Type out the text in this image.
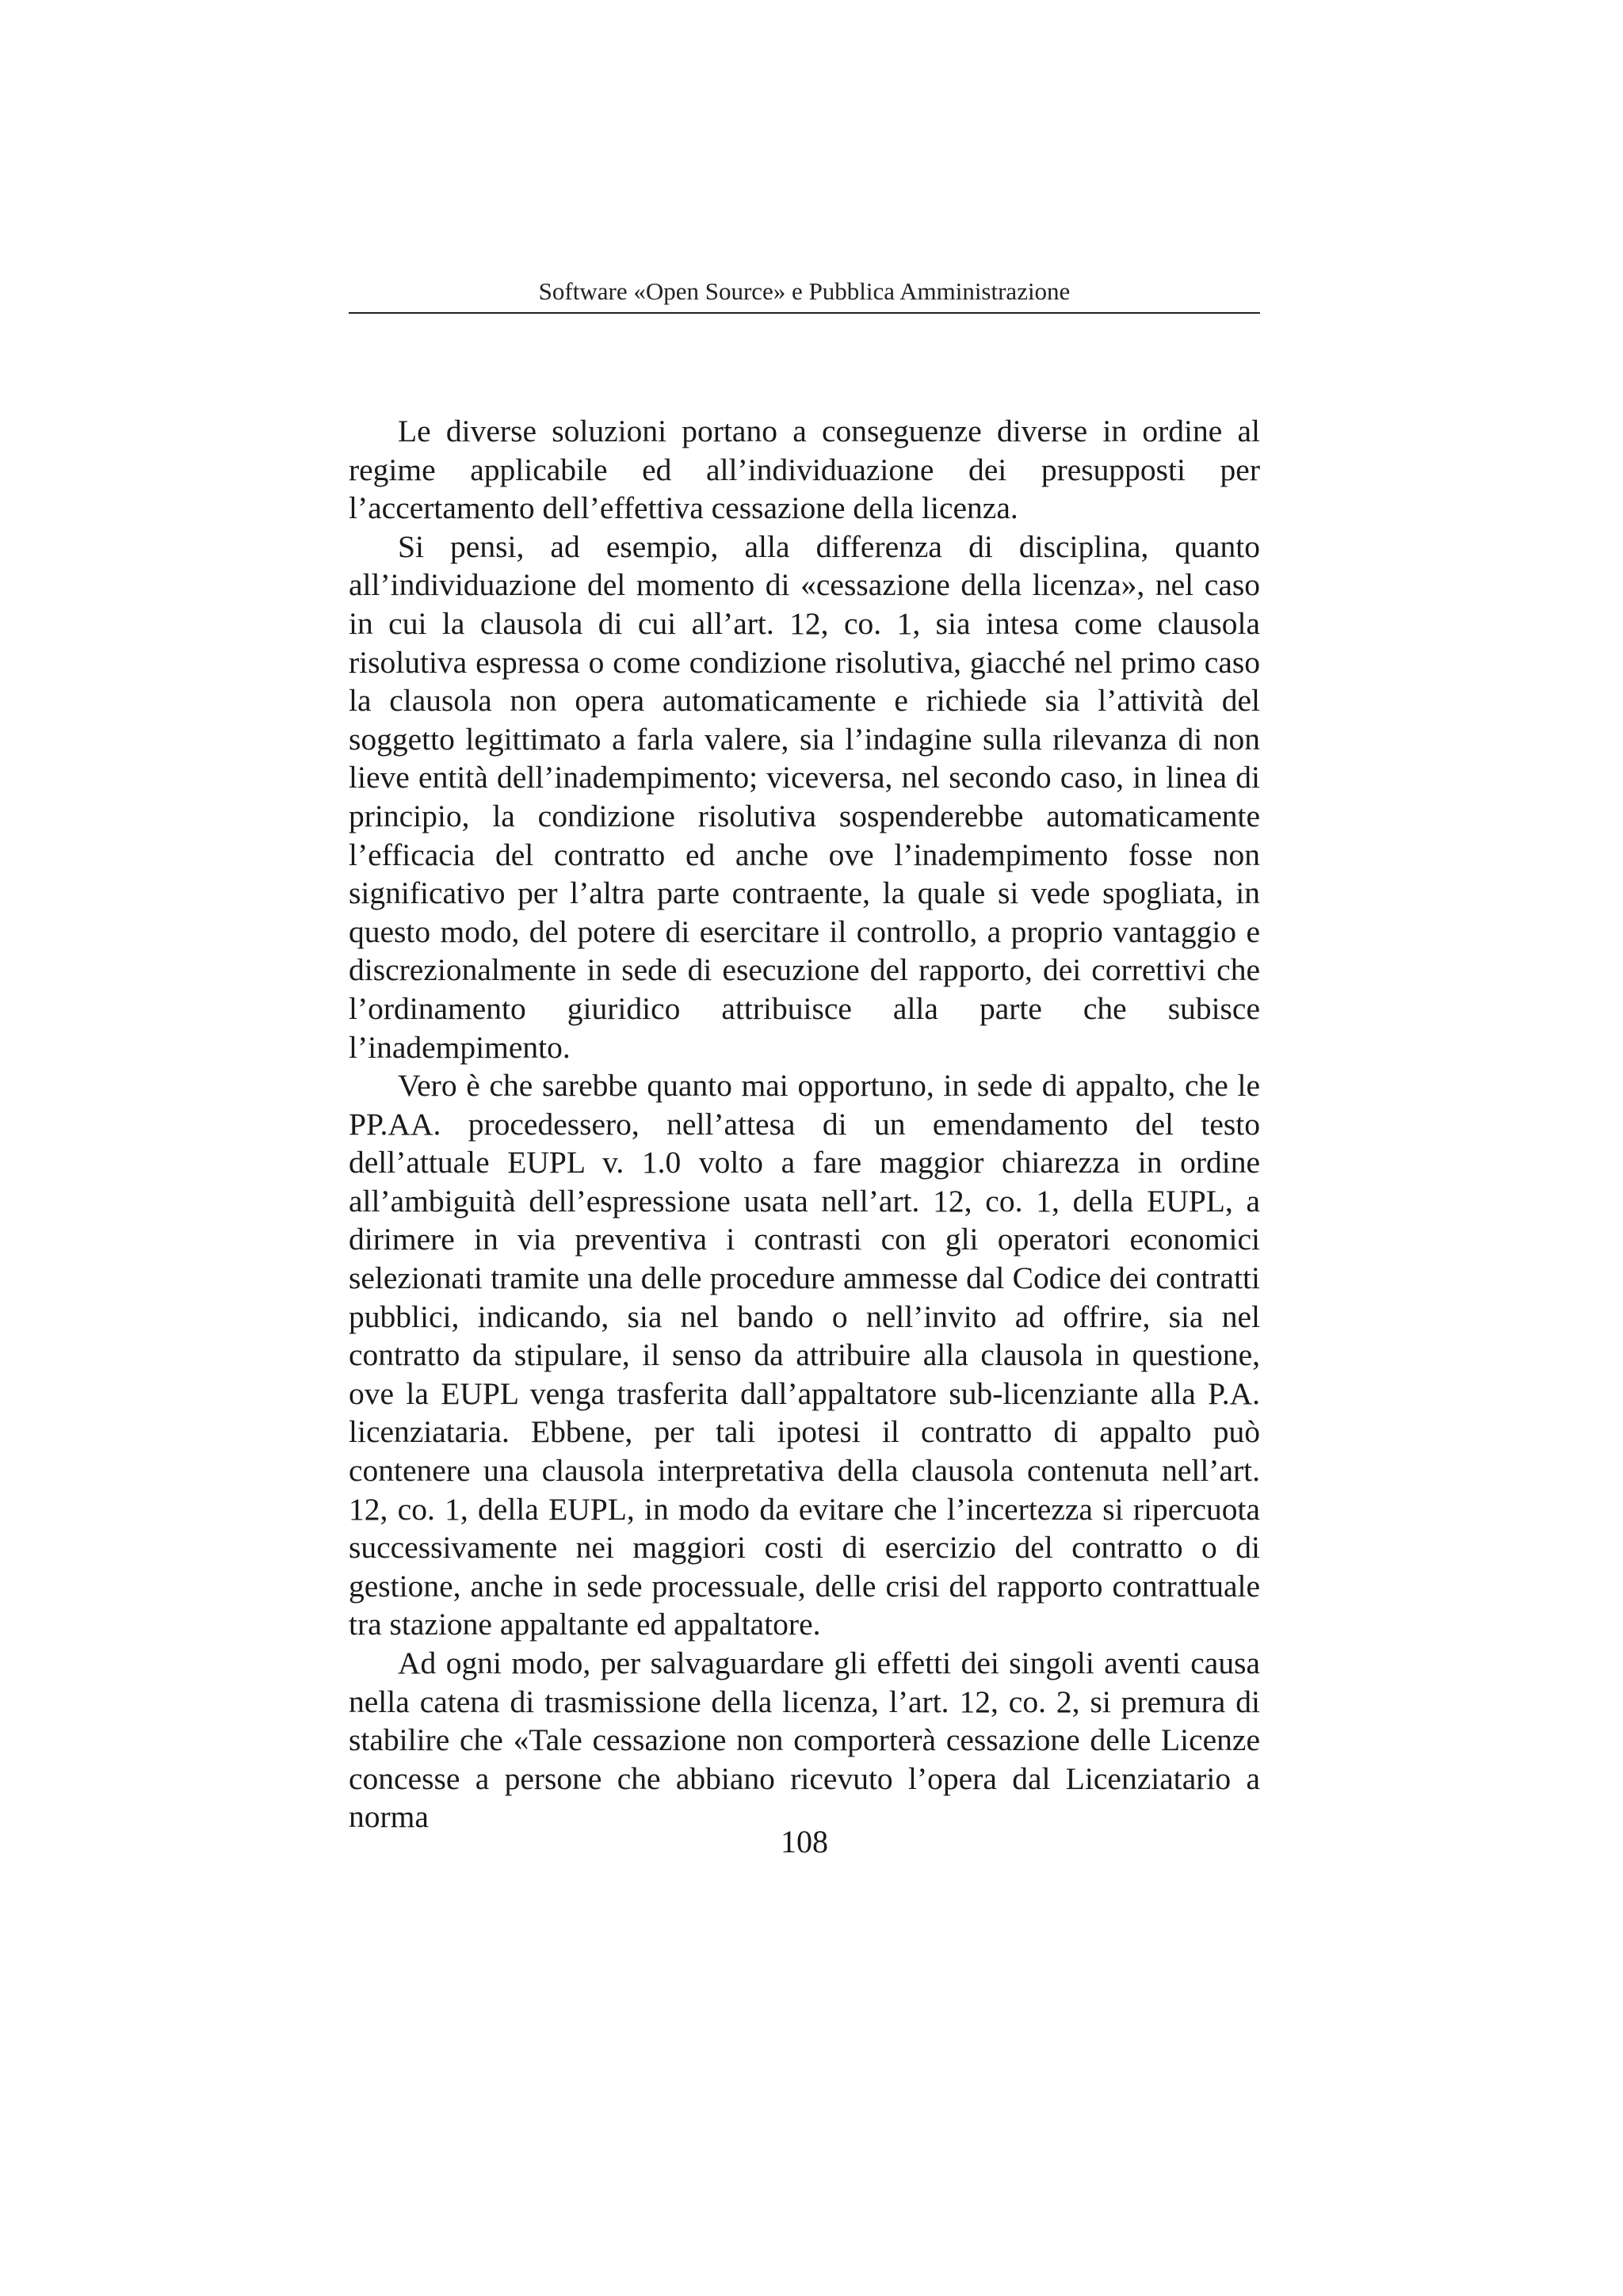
Software «Open Source» e Pubblica Amministrazione

Le diverse soluzioni portano a conseguenze diverse in ordine al regime applicabile ed all’individuazione dei presupposti per l’accertamento dell’effettiva cessazione della licenza.

Si pensi, ad esempio, alla differenza di disciplina, quanto all’individuazione del momento di «cessazione della licenza», nel caso in cui la clausola di cui all’art. 12, co. 1, sia intesa come clausola risolutiva espressa o come condizione risolutiva, giacché nel primo caso la clausola non opera automaticamente e richiede sia l’attività del soggetto legittimato a farla valere, sia l’indagine sulla rilevanza di non lieve entità dell’inadempimento; viceversa, nel secondo caso, in linea di principio, la condizione risolutiva sospenderebbe automaticamente l’efficacia del contratto ed anche ove l’inadempimento fosse non significativo per l’altra parte contraente, la quale si vede spogliata, in questo modo, del potere di esercitare il controllo, a proprio vantaggio e discrezionalmente in sede di esecuzione del rapporto, dei correttivi che l’ordinamento giuridico attribuisce alla parte che subisce l’inadempimento.

Vero è che sarebbe quanto mai opportuno, in sede di appalto, che le PP.AA. procedessero, nell’attesa di un emendamento del testo dell’attuale EUPL v. 1.0 volto a fare maggior chiarezza in ordine all’ambiguità dell’espressione usata nell’art. 12, co. 1, della EUPL, a dirimere in via preventiva i contrasti con gli operatori economici selezionati tramite una delle procedure ammesse dal Codice dei contratti pubblici, indicando, sia nel bando o nell’invito ad offrire, sia nel contratto da stipulare, il senso da attribuire alla clausola in questione, ove la EUPL venga trasferita dall’appaltatore sub-licenziante alla P.A. licenziataria. Ebbene, per tali ipotesi il contratto di appalto può contenere una clausola interpretativa della clausola contenuta nell’art. 12, co. 1, della EUPL, in modo da evitare che l’incertezza si ripercuota successivamente nei maggiori costi di esercizio del contratto o di gestione, anche in sede processuale, delle crisi del rapporto contrattuale tra stazione appaltante ed appaltatore.

Ad ogni modo, per salvaguardare gli effetti dei singoli aventi causa nella catena di trasmissione della licenza, l’art. 12, co. 2, si premura di stabilire che «Tale cessazione non comporterà cessazione delle Licenze concesse a persone che abbiano ricevuto l’opera dal Licenziatario a norma

108
